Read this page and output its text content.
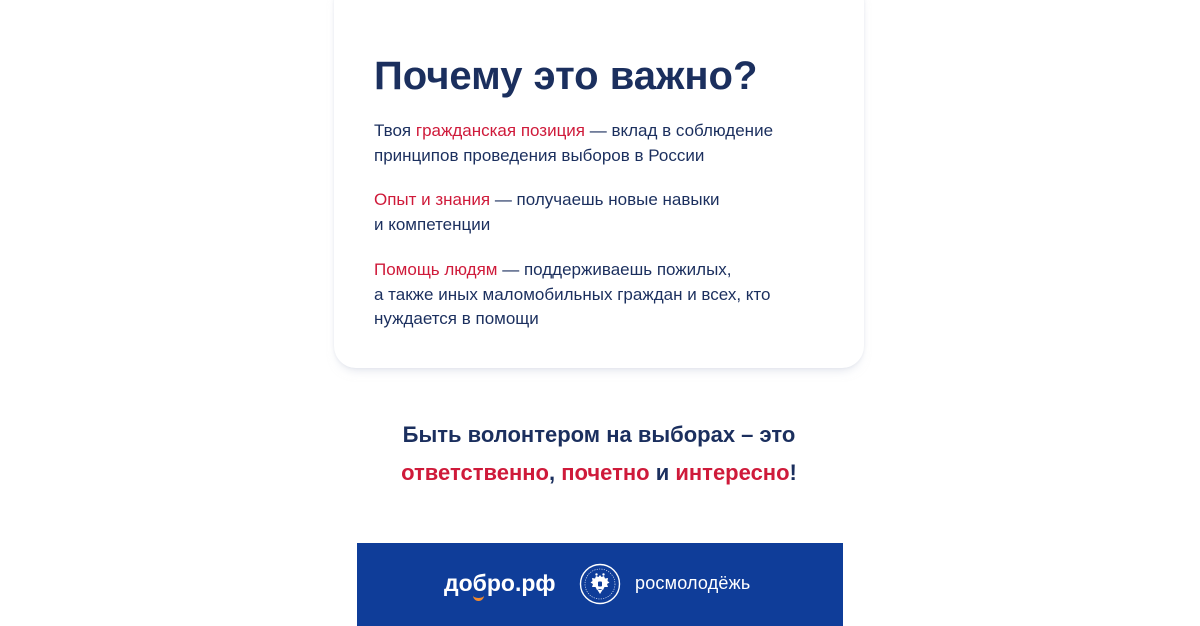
Почему это важно?

Твоя гражданская позиция — вклад в соблюдение
принципов проведения выборов в России

Опыт и знания — получаешь новые навыки
и компетенции

Помощь людям — поддерживаешь пожилых,
а также иных маломобильных граждан и всех, кто
нуждается в помощи

Быть волонтером на выборах – это

ответственно, почетно и интересно!

добро.рф	росмолодёжь
